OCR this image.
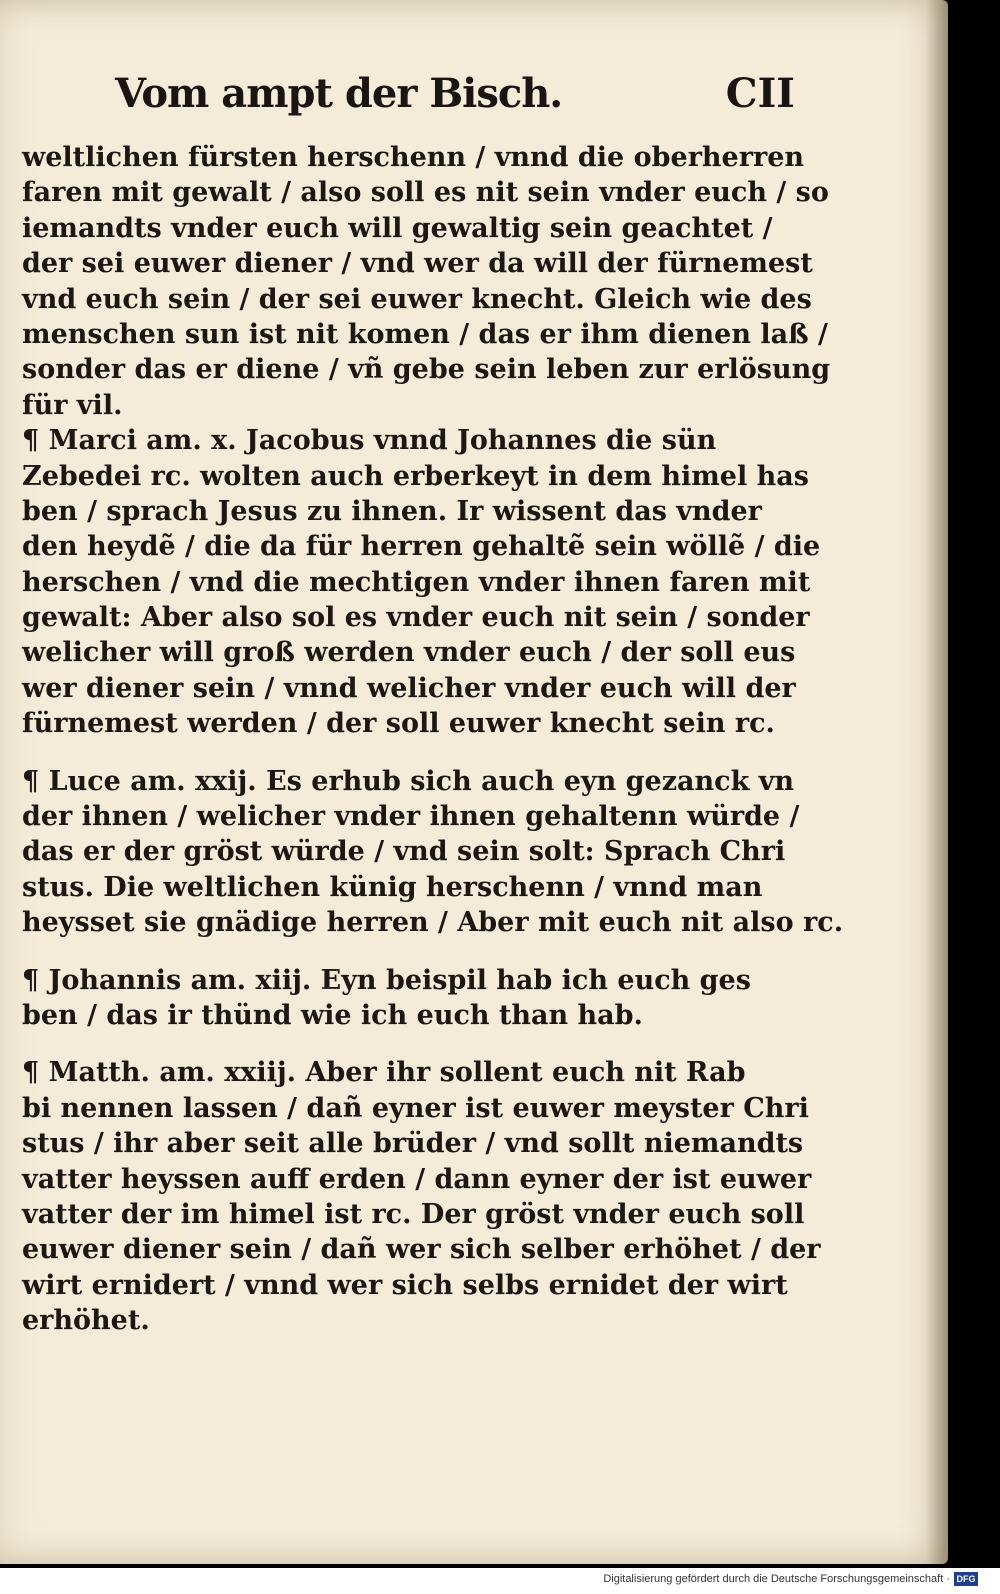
Vom ampt der Bisch.	CII
weltlichen fürsten herschenn / vnnd die oberherren
faren mit gewalt / also soll es nit sein vnder euch / so
iemandts vnder euch will gewaltig sein geachtet /
der sei euwer diener / vnd wer da will der fürnemest
vnd euch sein / der sei euwer knecht. Gleich wie des
menschen sun ist nit komen / das er ihm dienen laß /
sonder das er diene / vñ gebe sein leben zur erlösung
für vil.
¶ Marci am. x. Jacobus vnnd Johannes die sün
Zebedei rc. wolten auch erberkeyt in dem himel has
ben / sprach Jesus zu ihnen. Ir wissent das vnder
den heydẽ / die da für herren gehaltẽ sein wöllẽ / die
herschen / vnd die mechtigen vnder ihnen faren mit
gewalt: Aber also sol es vnder euch nit sein / sonder
welicher will groß werden vnder euch / der soll eus
wer diener sein / vnnd welicher vnder euch will der
fürnemest werden / der soll euwer knecht sein rc.
¶ Luce am. xxij. Es erhub sich auch eyn gezanck vn
der ihnen / welicher vnder ihnen gehaltenn würde /
das er der gröst würde / vnd sein solt: Sprach Chri
stus. Die weltlichen künig herschenn / vnnd man
heysset sie gnädige herren / Aber mit euch nit also rc.
¶ Johannis am. xiij. Eyn beispil hab ich euch ges
ben / das ir thünd wie ich euch than hab.
¶ Matth. am. xxiij. Aber ihr sollent euch nit Rab
bi nennen lassen / dañ eyner ist euwer meyster Chri
stus / ihr aber seit alle brüder / vnd sollt niemandts
vatter heyssen auff erden / dann eyner der ist euwer
vatter der im himel ist rc. Der gröst vnder euch soll
euwer diener sein / dañ wer sich selber erhöhet / der
wirt ernidert / vnnd wer sich selbs ernidet der wirt
erhöhet.
Digitalisierung gefördert durch die Deutsche Forschungsgemeinschaft · DFG
